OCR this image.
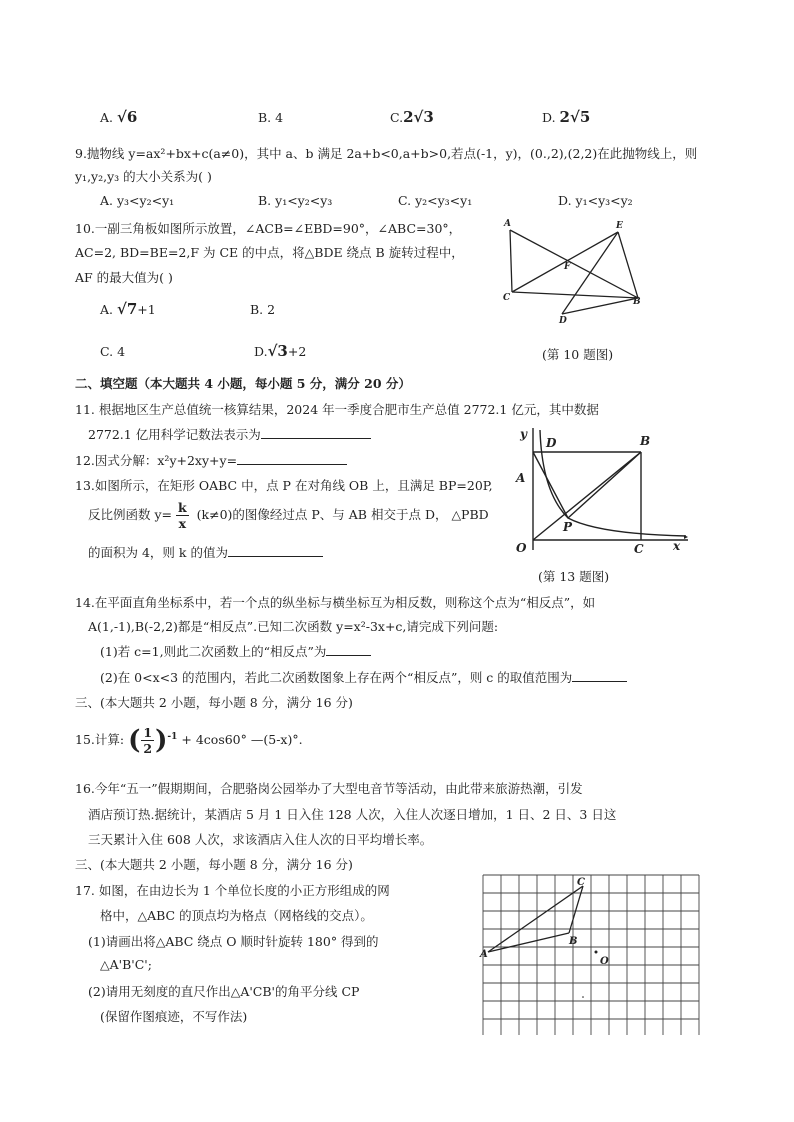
A. √6	B. 4	C.2√3	D. 2√5
9.抛物线 y=ax²+bx+c(a≠0)，其中 a、b 满足 2a+b<0,a+b>0,若点(-1，y)，(0.,2),(2,2)在此抛物线上，则
y₁,y₂,y₃ 的大小关系为( )
A. y₃<y₂<y₁	B. y₁<y₂<y₃	C. y₂<y₃<y₁	D. y₁<y₃<y₂
10.一副三角板如图所示放置，∠ACB=∠EBD=90°，∠ABC=30°，
AC=2, BD=BE=2,F 为 CE 的中点，将△BDE 绕点 B 旋转过程中，
AF 的最大值为( )
A. √7+1	B. 2
C. 4	D.√3+2
A	E
F
C	B
D
(第 10 题图)
二、填空题（本大题共 4 小题，每小题 5 分，满分 20 分）
11. 根据地区生产总值统一核算结果，2024 年一季度合肥市生产总值 2772.1 亿元，其中数据
2772.1 亿用科学记数法表示为
12.因式分解：x²y+2xy+y=
13.如图所示，在矩形 OABC 中，点 P 在对角线 OB 上，且满足 BP=20P,
反比例函数 $y= \frac{k}{x} (k\ne 0)$的图像经过点 P、与 AB 相交于点 D， △PBD
的面积为 4，则 k 的值为
y
A
D	B
P
O	C x
(第 13 题图)
14.在平面直角坐标系中，若一个点的纵坐标与横坐标互为相反数，则称这个点为“相反点”，如
A(1,-1),B(-2,2)都是“相反点”.已知二次函数 y=x²-3x+c,请完成下列问题:
(1)若 c=1,则此二次函数上的“相反点”为
(2)在 0<x<3 的范围内，若此二次函数图象上存在两个“相反点”，则 c 的取值范围为
三、(本大题共 2 小题，每小题 8 分，满分 16 分)
15.计算: ( $\frac{1}{2} )^{-1} + 4\cos 60^\circ$ —(5-x)°.
16.今年“五一”假期期间，合肥骆岗公园举办了大型电音节等活动，由此带来旅游热潮，引发
酒店预订热.据统计，某酒店 5 月 1 日入住 128 人次，入住人次逐日增加，1 日、2 日、3 日这
三天累计入住 608 人次，求该酒店入住人次的日平均增长率。
三、(本大题共 2 小题，每小题 8 分，满分 16 分)
17. 如图，在由边长为 1 个单位长度的小正方形组成的网
格中，△ABC 的顶点均为格点（网格线的交点）。
(1)请画出将△ABC 绕点 O 顺时针旋转 180° 得到的
△A'B'C';
(2)请用无刻度的直尺作出△A'CB'的角平分线 CP
(保留作图痕迹，不写作法)
A
B
C
O
